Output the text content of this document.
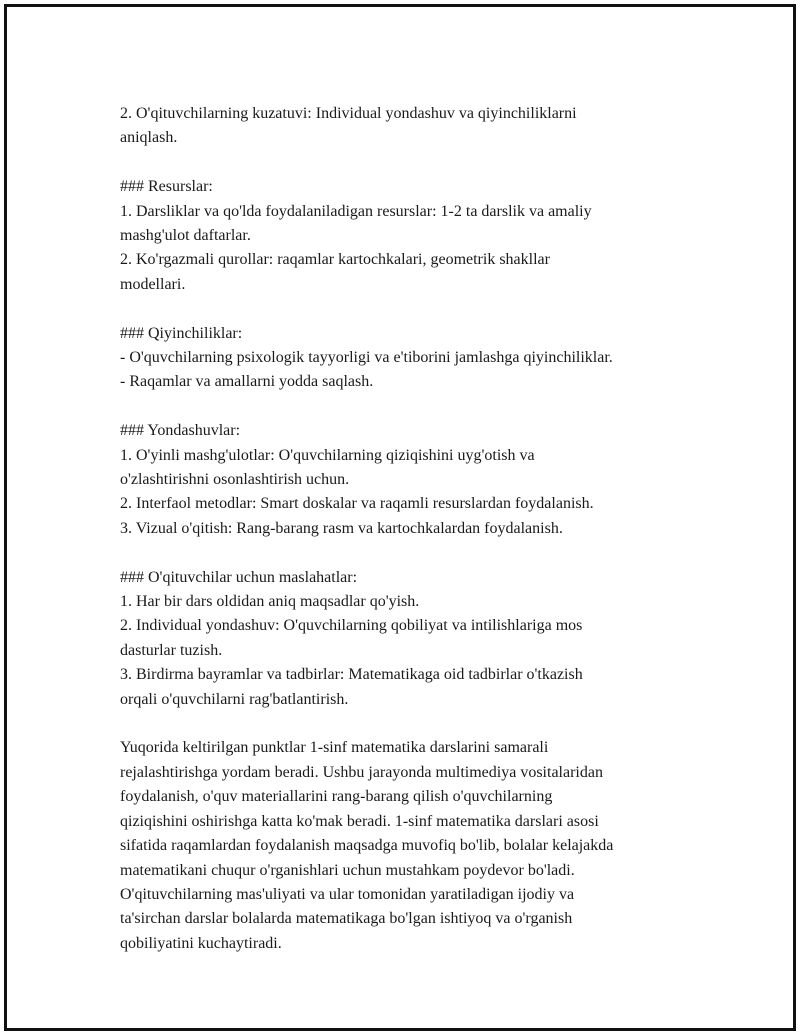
2. O'qituvchilarning kuzatuvi: Individual yondashuv va qiyinchiliklarni

aniqlash.

### Resurslar:

1. Darsliklar va qo'lda foydalaniladigan resurslar: 1-2 ta darslik va amaliy

mashg'ulot daftarlar.

2. Ko'rgazmali qurollar: raqamlar kartochkalari, geometrik shakllar

modellari.

### Qiyinchiliklar:

- O'quvchilarning psixologik tayyorligi va e'tiborini jamlashga qiyinchiliklar.

- Raqamlar va amallarni yodda saqlash.

### Yondashuvlar:

1. O'yinli mashg'ulotlar: O'quvchilarning qiziqishini uyg'otish va

o'zlashtirishni osonlashtirish uchun.

2. Interfaol metodlar: Smart doskalar va raqamli resurslardan foydalanish.

3. Vizual o'qitish: Rang-barang rasm va kartochkalardan foydalanish.

### O'qituvchilar uchun maslahatlar:

1. Har bir dars oldidan aniq maqsadlar qo'yish.

2. Individual yondashuv: O'quvchilarning qobiliyat va intilishlariga mos

dasturlar tuzish.

3. Birdirma bayramlar va tadbirlar: Matematikaga oid tadbirlar o'tkazish

orqali o'quvchilarni rag'batlantirish.

Yuqorida keltirilgan punktlar 1-sinf matematika darslarini samarali

rejalashtirishga yordam beradi. Ushbu jarayonda multimediya vositalaridan

foydalanish, o'quv materiallarini rang-barang qilish o'quvchilarning

qiziqishini oshirishga katta ko'mak beradi. 1-sinf matematika darslari asosi

sifatida raqamlardan foydalanish maqsadga muvofiq bo'lib, bolalar kelajakda

matematikani chuqur o'rganishlari uchun mustahkam poydevor bo'ladi.

O'qituvchilarning mas'uliyati va ular tomonidan yaratiladigan ijodiy va

ta'sirchan darslar bolalarda matematikaga bo'lgan ishtiyoq va o'rganish

qobiliyatini kuchaytiradi.
